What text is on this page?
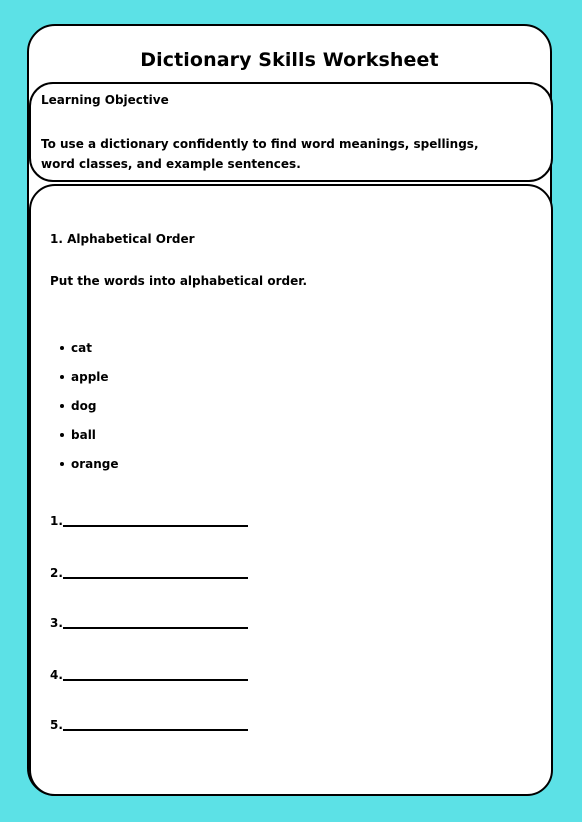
Dictionary Skills Worksheet
Learning Objective
To use a dictionary confidently to find word meanings, spellings, word classes, and example sentences.
1. Alphabetical Order
Put the words into alphabetical order.
cat
apple
dog
ball
orange
1.
2.
3.
4.
5.
